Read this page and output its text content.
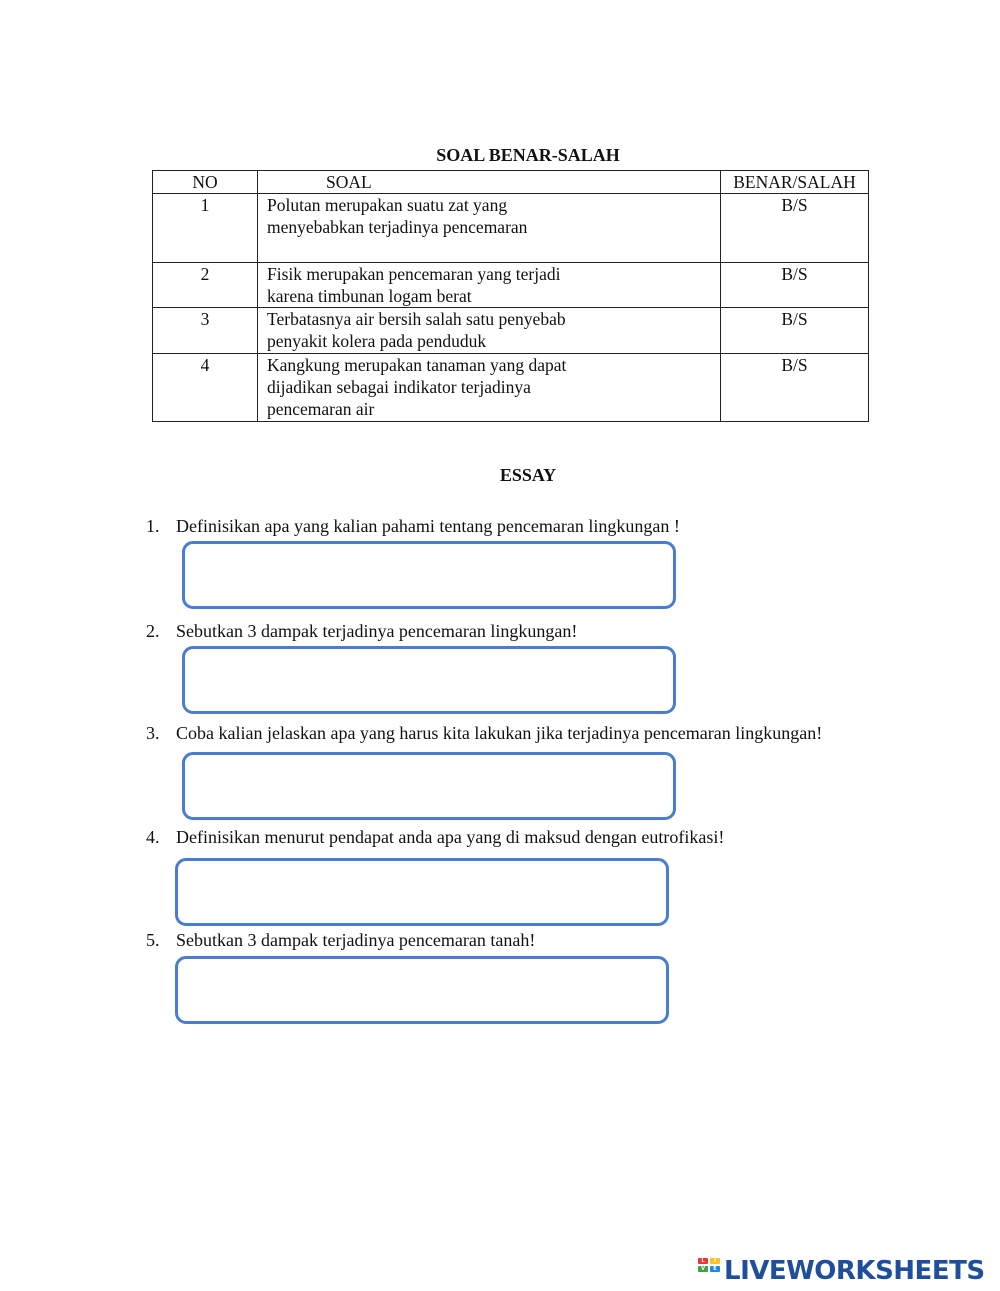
SOAL BENAR-SALAH
NO	SOAL	BENAR/SALAH
1	Polutan merupakan suatu zat yang
menyebabkan terjadinya pencemaran	B/S
2	Fisik merupakan pencemaran yang terjadi
karena timbunan logam berat	B/S
3	Terbatasnya air bersih salah satu penyebab
penyakit kolera pada penduduk	B/S
4	Kangkung merupakan tanaman yang dapat
dijadikan sebagai indikator terjadinya
pencemaran air	B/S
ESSAY
1. Definisikan apa yang kalian pahami tentang pencemaran lingkungan !
2. Sebutkan 3 dampak terjadinya pencemaran lingkungan!
3. Coba kalian jelaskan apa yang harus kita lakukan jika terjadinya pencemaran lingkungan!
4. Definisikan menurut pendapat anda apa yang di maksud dengan eutrofikasi!
5. Sebutkan 3 dampak terjadinya pencemaran tanah!
L	I
V	E LIVEWORKSHEETS
